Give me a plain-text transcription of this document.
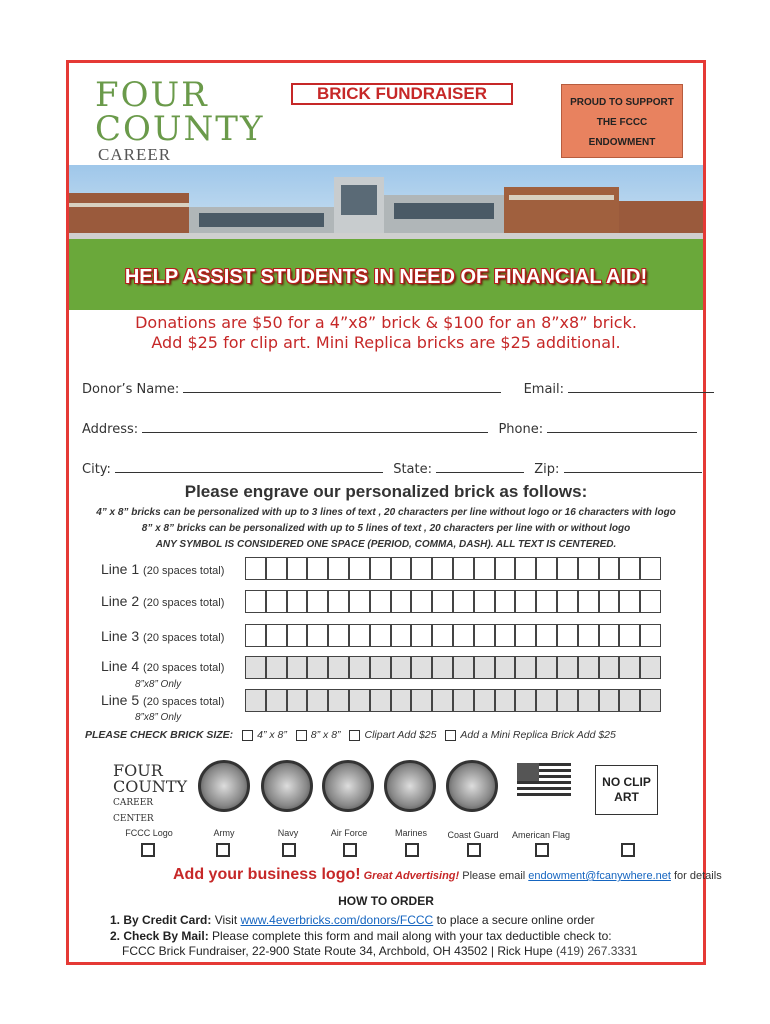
FOUR
COUNTY
CAREER
BRICK FUNDRAISER	PROUD TO SUPPORT
THE FCCC
ENDOWMENT
HELP ASSIST STUDENTS IN NEED OF FINANCIAL AID!
Donations are $50 for a 4”x8” brick & $100 for an 8”x8” brick.
Add $25 for clip art. Mini Replica bricks are $25 additional.
Donor’s Name:	Email:
Address:	Phone:
City:	State:	Zip:
Please engrave our personalized brick as follows:
4” x 8” bricks can be personalized with up to 3 lines of text , 20 characters per line without logo or 16 characters with logo
8” x 8” bricks can be personalized with up to 5 lines of text , 20 characters per line with or without logo
ANY SYMBOL IS CONSIDERED ONE SPACE (PERIOD, COMMA, DASH). ALL TEXT IS CENTERED.
Line 1 (20 spaces total)
Line 2 (20 spaces total)
Line 3 (20 spaces total)
Line 4 (20 spaces total)
8”x8” Only
Line 5 (20 spaces total)
8”x8” Only
PLEASE CHECK BRICK SIZE: 4” x 8” 8” x 8” Clipart Add $25 Add a Mini Replica Brick Add $25
FOUR
COUNTY
CAREER CENTER
NO CLIP ART
FCCC Logo	Army	Navy	Air Force	Marines	Coast Guard	American Flag
Add your business logo! Great Advertising! Please email endowment@fcanywhere.net for details
HOW TO ORDER
1. By Credit Card: Visit www.4everbricks.com/donors/FCCC to place a secure online order
2. Check By Mail: Please complete this form and mail along with your tax deductible check to:
FCCC Brick Fundraiser, 22-900 State Route 34, Archbold, OH 43502 | Rick Hupe (419) 267.3331
